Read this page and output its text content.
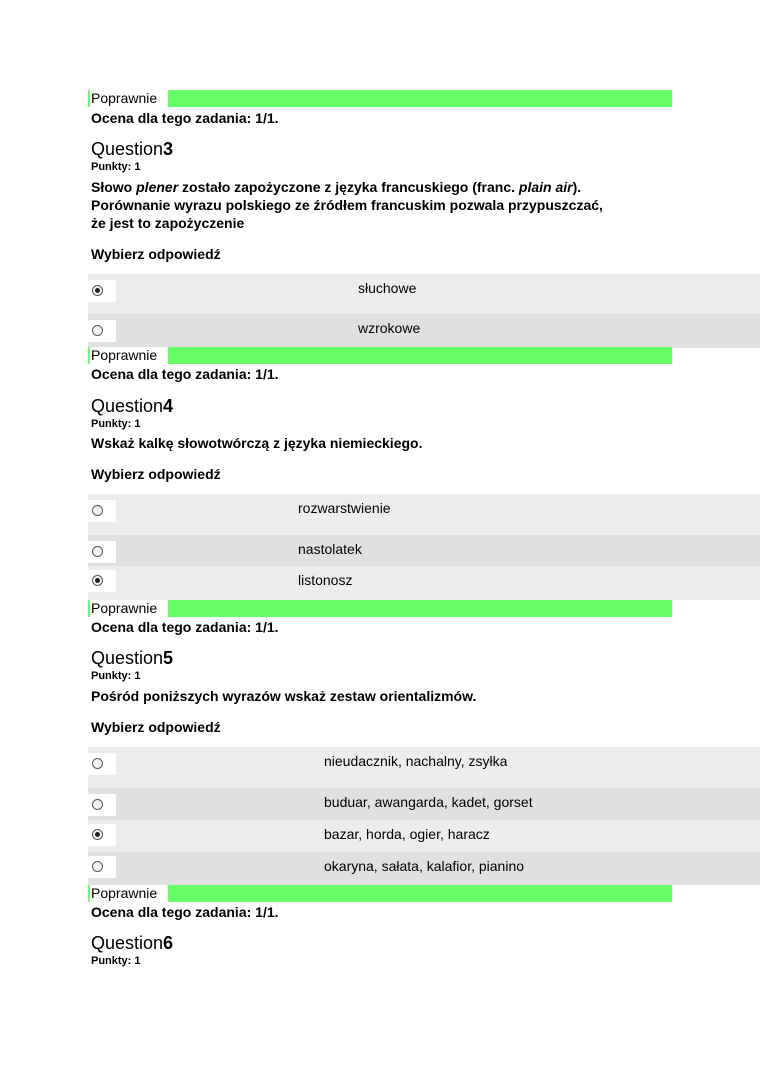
Poprawnie
Ocena dla tego zadania: 1/1.
Question3
Punkty: 1
Słowo plener zostało zapożyczone z języka francuskiego (franc. plain air).
Porównanie wyrazu polskiego ze źródłem francuskim pozwala przypuszczać,
że jest to zapożyczenie
Wybierz odpowiedź
słuchowe
wzrokowe
Poprawnie
Ocena dla tego zadania: 1/1.
Question4
Punkty: 1
Wskaż kalkę słowotwórczą z języka niemieckiego.
Wybierz odpowiedź
rozwarstwienie
nastolatek
listonosz
Poprawnie
Ocena dla tego zadania: 1/1.
Question5
Punkty: 1
Pośród poniższych wyrazów wskaż zestaw orientalizmów.
Wybierz odpowiedź
nieudacznik, nachalny, zsyłka
buduar, awangarda, kadet, gorset
bazar, horda, ogier, haracz
okaryna, sałata, kalafior, pianino
Poprawnie
Ocena dla tego zadania: 1/1.
Question6
Punkty: 1
